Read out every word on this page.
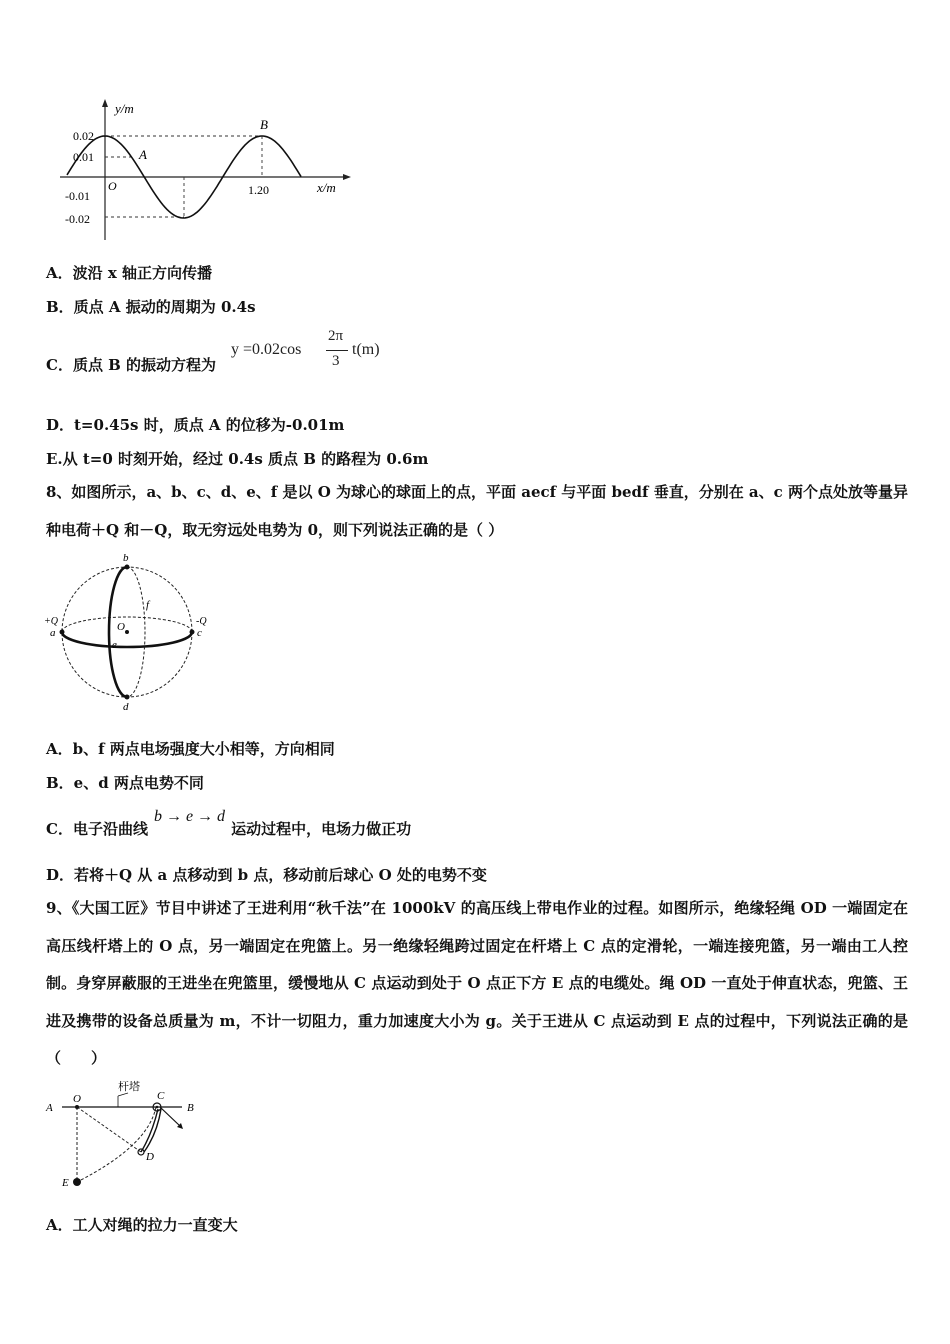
y/m
x/m
0.02
0.01
-0.01
-0.02
1.20
O
A
B
A．波沿 x 轴正方向传播
B．质点 A 振动的周期为 0.4s
C．质点 B 的振动方程为
y =0.02cos
2π
3
t(m)
D．t=0.45s 时，质点 A 的位移为-0.01m
E.从 t=0 时刻开始，经过 0.4s 质点 B 的路程为 0.6m
8、如图所示，a、b、c、d、e、f 是以 O 为球心的球面上的点，平面 aecf 与平面 bedf 垂直，分别在 a、c 两个点处放等量异种电荷＋Q 和－Q，取无穷远处电势为 0，则下列说法正确的是（ ）
b
d
f
e
O
+Q
a
-Q
c
A．b、f 两点电场强度大小相等，方向相同
B．e、d 两点电势不同
C．电子沿曲线b → e → d运动过程中，电场力做正功
D．若将＋Q 从 a 点移动到 b 点，移动前后球心 O 处的电势不变
9、《大国工匠》节目中讲述了王进利用“秋千法”在 1000kV 的高压线上带电作业的过程。如图所示，绝缘轻绳 OD 一端固定在高压线杆塔上的 O 点，另一端固定在兜篮上。另一绝缘轻绳跨过固定在杆塔上 C 点的定滑轮，一端连接兜篮，另一端由工人控制。身穿屏蔽服的王进坐在兜篮里，缓慢地从 C 点运动到处于 O 点正下方 E 点的电缆处。绳 OD 一直处于伸直状态，兜篮、王进及携带的设备总质量为 m，不计一切阻力，重力加速度大小为 g。关于王进从 C 点运动到 E 点的过程中，下列说法正确的是（　　）
杆塔
A
O	C
B
D
E
A．工人对绳的拉力一直变大
